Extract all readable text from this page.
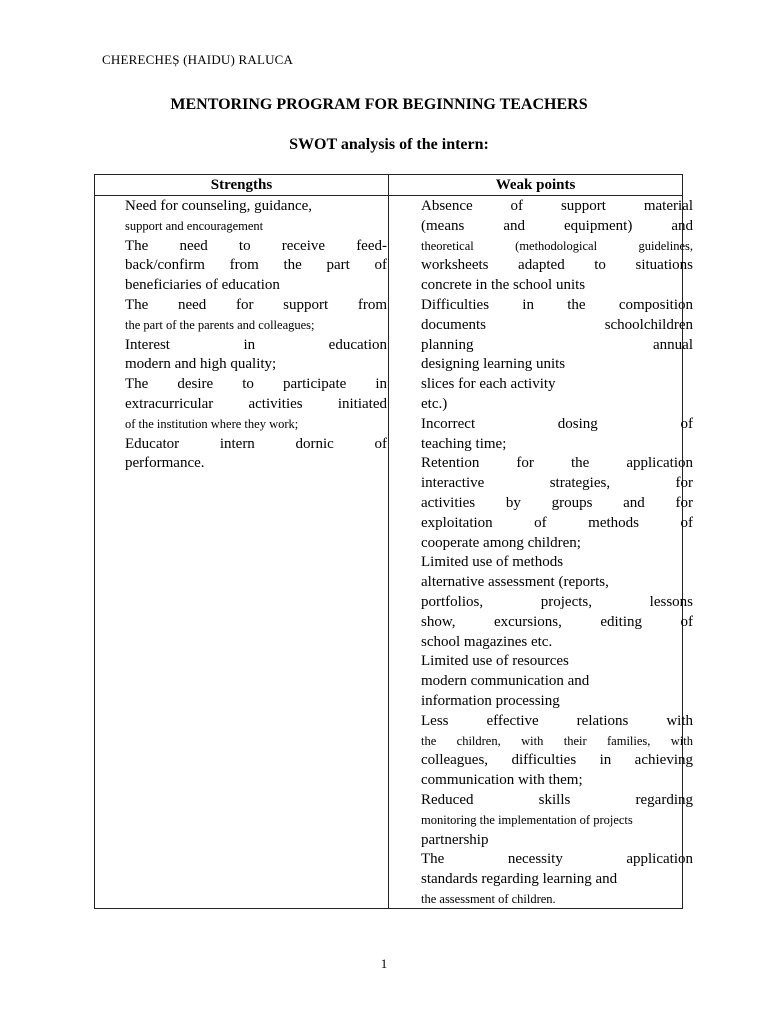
CHERECHEȘ (HAIDU) RALUCA
MENTORING PROGRAM FOR BEGINNING TEACHERS
SWOT analysis of the intern:
Strengths	Weak points
Need for counseling, guidance,
support and encouragement
The need to receive feed-
back/confirm from the part of
beneficiaries of education
The need for support from
the part of the parents and colleagues;
Interest in education
modern and high quality;
The desire to participate in
extracurricular activities initiated
of the institution where they work;
Educator intern dornic of
performance.
Absence of support material
(means and equipment) and
theoretical (methodological guidelines,
worksheets adapted to situations
concrete in the school units
Difficulties in the composition
documents schoolchildren
planning annual
designing learning units
slices for each activity
etc.)
Incorrect dosing of
teaching time;
Retention for the application
interactive strategies, for
activities by groups and for
exploitation of methods of
cooperate among children;
Limited use of methods
alternative assessment (reports,
portfolios, projects, lessons
show, excursions, editing of
school magazines etc.
Limited use of resources
modern communication and
information processing
Less effective relations with
the children, with their families, with
colleagues, difficulties in achieving
communication with them;
Reduced skills regarding
monitoring the implementation of projects
partnership
The necessity application
standards regarding learning and
the assessment of children.
1
